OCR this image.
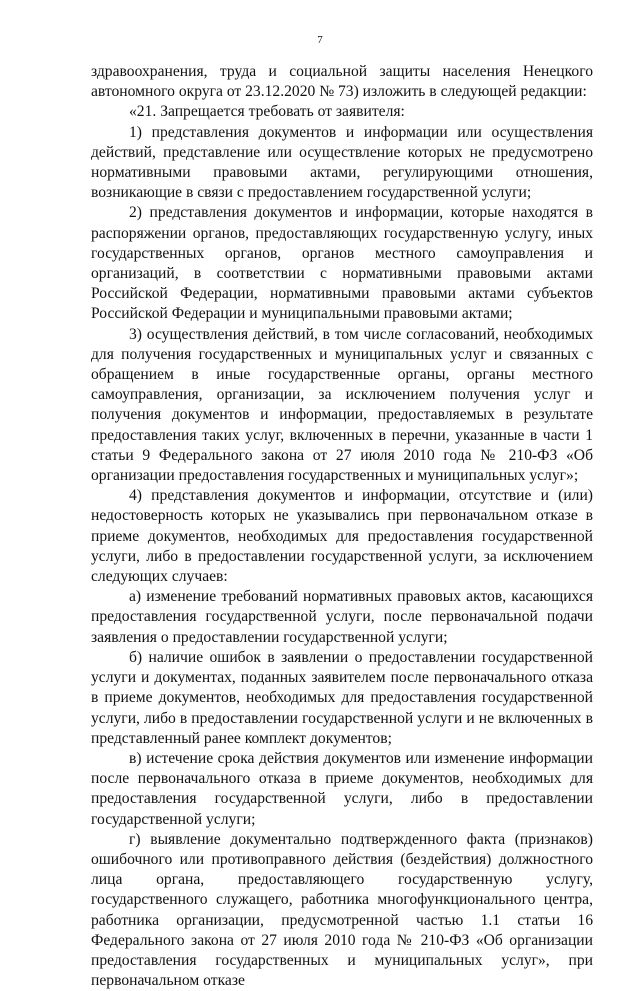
7

здравоохранения, труда и социальной защиты населения Ненецкого автономного округа от 23.12.2020 № 73) изложить в следующей редакции:

«21. Запрещается требовать от заявителя:

1) представления документов и информации или осуществления действий, представление или осуществление которых не предусмотрено нормативными правовыми актами, регулирующими отношения, возникающие в связи с предоставлением государственной услуги;

2) представления документов и информации, которые находятся в распоряжении органов, предоставляющих государственную услугу, иных государственных органов, органов местного самоуправления и организаций, в соответствии с нормативными правовыми актами Российской Федерации, нормативными правовыми актами субъектов Российской Федерации и муниципальными правовыми актами;

3) осуществления действий, в том числе согласований, необходимых для получения государственных и муниципальных услуг и связанных с обращением в иные государственные органы, органы местного самоуправления, организации, за исключением получения услуг и получения документов и информации, предоставляемых в результате предоставления таких услуг, включенных в перечни, указанные в части 1 статьи 9 Федерального закона от 27 июля 2010 года № 210-ФЗ «Об организации предоставления государственных и муниципальных услуг»;

4) представления документов и информации, отсутствие и (или) недостоверность которых не указывались при первоначальном отказе в приеме документов, необходимых для предоставления государственной услуги, либо в предоставлении государственной услуги, за исключением следующих случаев:

а) изменение требований нормативных правовых актов, касающихся предоставления государственной услуги, после первоначальной подачи заявления о предоставлении государственной услуги;

б) наличие ошибок в заявлении о предоставлении государственной услуги и документах, поданных заявителем после первоначального отказа в приеме документов, необходимых для предоставления государственной услуги, либо в предоставлении государственной услуги и не включенных в представленный ранее комплект документов;

в) истечение срока действия документов или изменение информации после первоначального отказа в приеме документов, необходимых для предоставления государственной услуги, либо в предоставлении государственной услуги;

г) выявление документально подтвержденного факта (признаков) ошибочного или противоправного действия (бездействия) должностного лица органа, предоставляющего государственную услугу, государственного служащего, работника многофункционального центра, работника организации, предусмотренной частью 1.1 статьи 16 Федерального закона от 27 июля 2010 года № 210-ФЗ «Об организации предоставления государственных и муниципальных услуг», при первоначальном отказе
